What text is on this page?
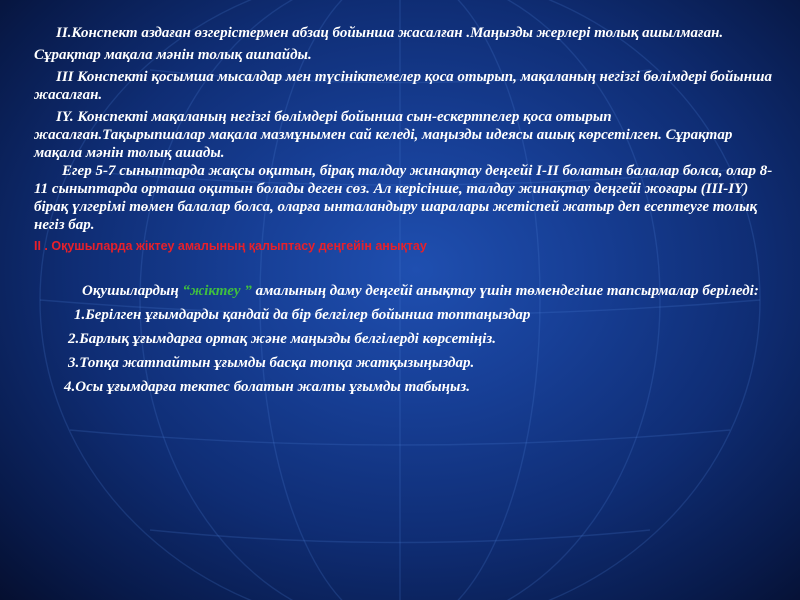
II.Конспект аздаған өзгерістермен абзац бойынша жасалған .Маңызды жерлері толық ашылмаған.

Сұрақтар мақала мәнін толық ашпайды.

III Конспекті қосымша мысалдар мен түсініктемелер қоса отырып, мақаланың негізгі бөлімдері бойынша жасалған.

IY. Конспекті мақаланың негізгі бөлімдері бойынша сын-ескертпелер қоса отырып жасалған.Тақырыпшалар мақала мазмұнымен сай келеді, маңызды идеясы ашық көрсетілген. Сұрақтар мақала мәнін толық ашады.

Егер 5-7 сыныптарда жақсы оқитын, бірақ талдау жинақтау деңгейі I-II болатын балалар болса, олар 8-11 сыныптарда орташа оқитын болады деген сөз. Ал керісінше, талдау жинақтау деңгейі жоғары (III-IY) бірақ үлгерімі төмен балалар болса, оларға ынталандыру шаралары жетіспей жатыр деп есептеуге толық негіз бар.

II . Оқушыларда жіктеу амалының қалыптасу деңгейін анықтау

Оқушылардың “жіктеу ” амалының даму деңгейі анықтау үшін төмендегіше тапсырмалар беріледі:

1.Берілген ұғымдарды қандай да бір белгілер бойынша топтаңыздар

2.Барлық ұғымдарға ортақ және маңызды белгілерді көрсетіңіз.

3.Топқа жатпайтын ұғымды басқа топқа жатқызыңыздар.

4.Осы ұғымдарға тектес болатын жалпы ұғымды табыңыз.
